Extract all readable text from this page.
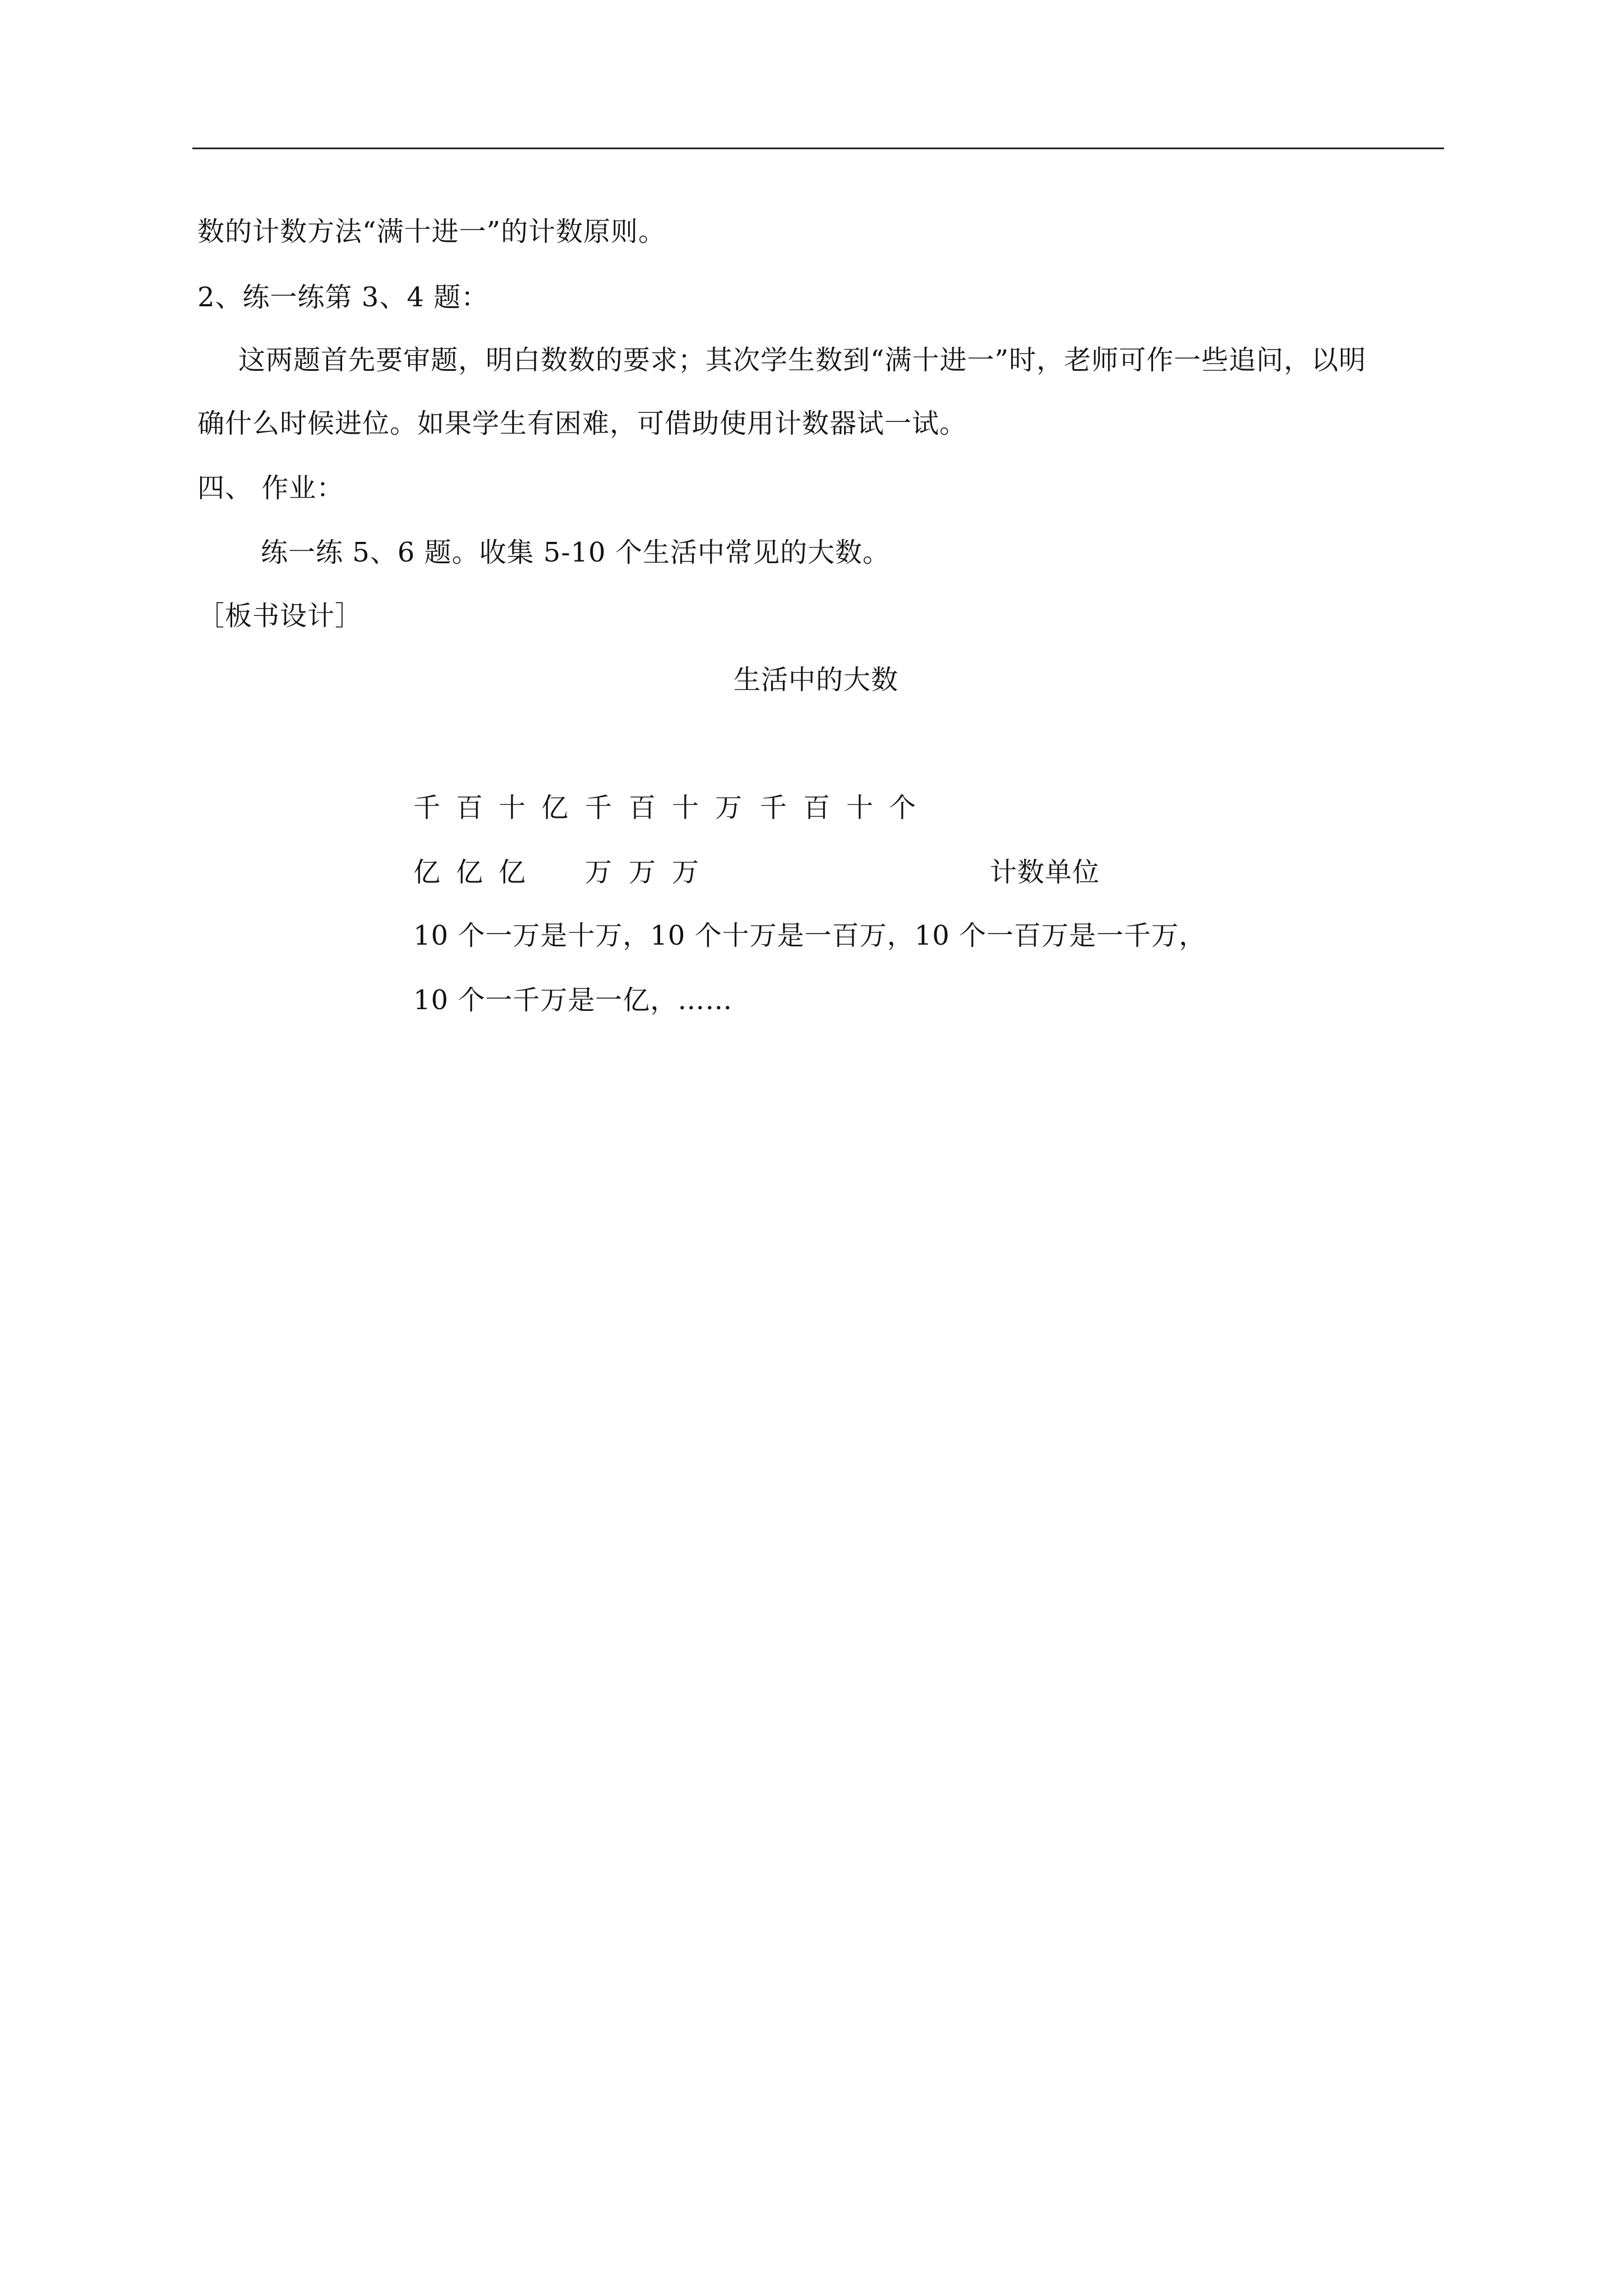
数的计数方法“满十进一”的计数原则。
2、练一练第 3、4 题：
这两题首先要审题，明白数数的要求；其次学生数到“满十进一”时，老师可作一些追问，以明
确什么时候进位。如果学生有困难，可借助使用计数器试一试。
四、 作业：
练一练 5、6 题。收集 5-10 个生活中常见的大数。
［板书设计］
生活中的大数
千 百 十 亿 千 百 十 万 千 百 十 个
亿 亿 亿 万 万 万	计数单位
10 个一万是十万，10 个十万是一百万，10 个一百万是一千万，
10 个一千万是一亿，……
